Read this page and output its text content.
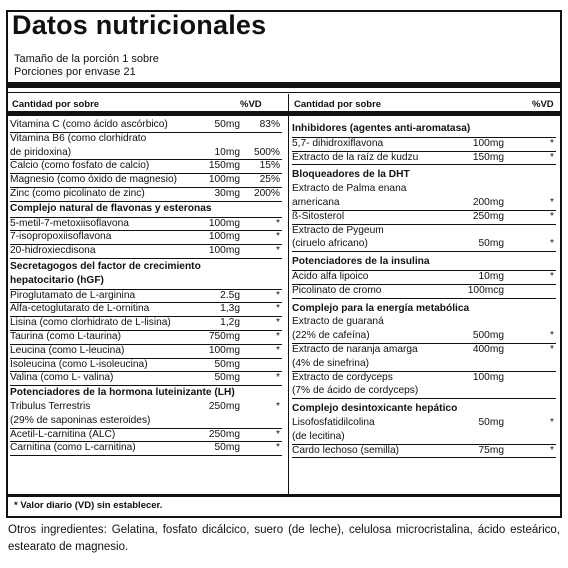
Datos nutricionales
Tamaño de la porción 1 sobre
Porciones por envase 21
Cantidad por sobre	%VD	Cantidad por sobre	%VD
Vitamina C (como ácido ascórbico)	50mg 83%
Vitamina B6 (como clorhidrato
de piridoxina)	10mg 500%
Calcio (como fosfato de calcio)	150mg 15%
Magnesio (como óxido de magnesio)	100mg 25%
Zinc (como picolinato de zinc)	30mg 200%
Complejo natural de flavonas y esteronas
5-metil-7-metoxiisoflavona	100mg	*
7-isopropoxiisoflavona	100mg	*
20-hidroxiecdisona	100mg	*
Secretagogos del factor de crecimiento
hepatocitario (hGF)
Piroglutamato de L-arginina	2.5g	*
Alfa-cetoglutarato de L-ornitina	1,3g	*
Lisina (como clorhidrato de L-lisina)	1,2g	*
Taurina (como L-taurina)	750mg	*
Leucina (como L-leucina)	100mg	*
Isoleucina (como L-isoleucina)	50mg
Valina (como L- valina)	50mg	*
Potenciadores de la hormona luteinizante (LH)
Tribulus Terrestris	250mg	*
(29% de saponinas esteroides)
Acetil-L-carnitina (ALC)	250mg	*
Carnitina (como L-carnitina)	50mg	*
Inhibidores (agentes anti-aromatasa)
5,7- dihidroxiflavona	100mg	*
Extracto de la raíz de kudzu	150mg	*
Bloqueadores de la DHT
Extracto de Palma enana
americana	200mg	*
ß-Sitosterol	250mg	*
Extracto de Pygeum
(ciruelo africano)	50mg	*
Potenciadores de la insulina
Ácido alfa lipoico	10mg	*
Picolinato de cromo	100mcg
Complejo para la energía metabólica
Extracto de guaraná
(22% de cafeína)	500mg	*
Extracto de naranja amarga	400mg	*
(4% de sinefrina)
Extracto de cordyceps	100mg
(7% de ácido de cordyceps)
Complejo desintoxicante hepático
Lisofosfatidilcolina	50mg	*
(de lecitina)
Cardo lechoso (semilla)	75mg	*
* Valor diario (VD) sin establecer.
Otros ingredientes: Gelatina, fosfato dicálcico, suero (de leche), celulosa microcristalina, ácido esteárico, estearato de magnesio.
